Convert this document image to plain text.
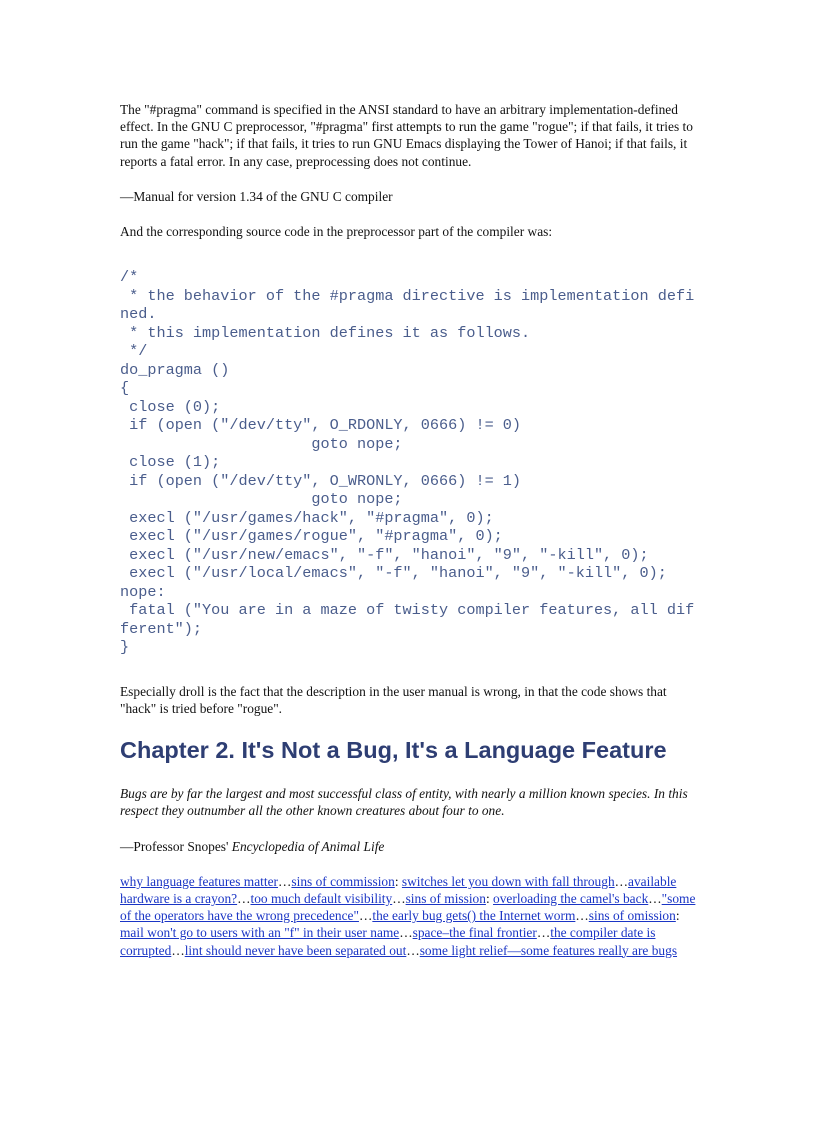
The "#pragma" command is specified in the ANSI standard to have an arbitrary implementation-defined effect. In the GNU C preprocessor, "#pragma" first attempts to run the game "rogue"; if that fails, it tries to run the game "hack"; if that fails, it tries to run GNU Emacs displaying the Tower of Hanoi; if that fails, it reports a fatal error. In any case, preprocessing does not continue.

—Manual for version 1.34 of the GNU C compiler

And the corresponding source code in the preprocessor part of the compiler was:

/*
* the behavior of the #pragma directive is implementation defined.
* this implementation defines it as follows.
*/
do_pragma ()
{
close (0);
if (open ("/dev/tty", O_RDONLY, 0666) != 0)
goto nope;
close (1);
if (open ("/dev/tty", O_WRONLY, 0666) != 1)
goto nope;
execl ("/usr/games/hack", "#pragma", 0);
execl ("/usr/games/rogue", "#pragma", 0);
execl ("/usr/new/emacs", "-f", "hanoi", "9", "-kill", 0);
execl ("/usr/local/emacs", "-f", "hanoi", "9", "-kill", 0);
nope:
fatal ("You are in a maze of twisty compiler features, all different");
}

Especially droll is the fact that the description in the user manual is wrong, in that the code shows that "hack" is tried before "rogue".

Chapter 2. It's Not a Bug, It's a Language Feature

Bugs are by far the largest and most successful class of entity, with nearly a million known species. In this respect they outnumber all the other known creatures about four to one.

—Professor Snopes' Encyclopedia of Animal Life

why language features matter…sins of commission: switches let you down with fall through…available hardware is a crayon?…too much default visibility…sins of mission: overloading the camel's back…"some of the operators have the wrong precedence"…the early bug gets() the Internet worm…sins of omission: mail won't go to users with an "f" in their user name…space–the final frontier…the compiler date is corrupted…lint should never have been separated out…some light relief—some features really are bugs
